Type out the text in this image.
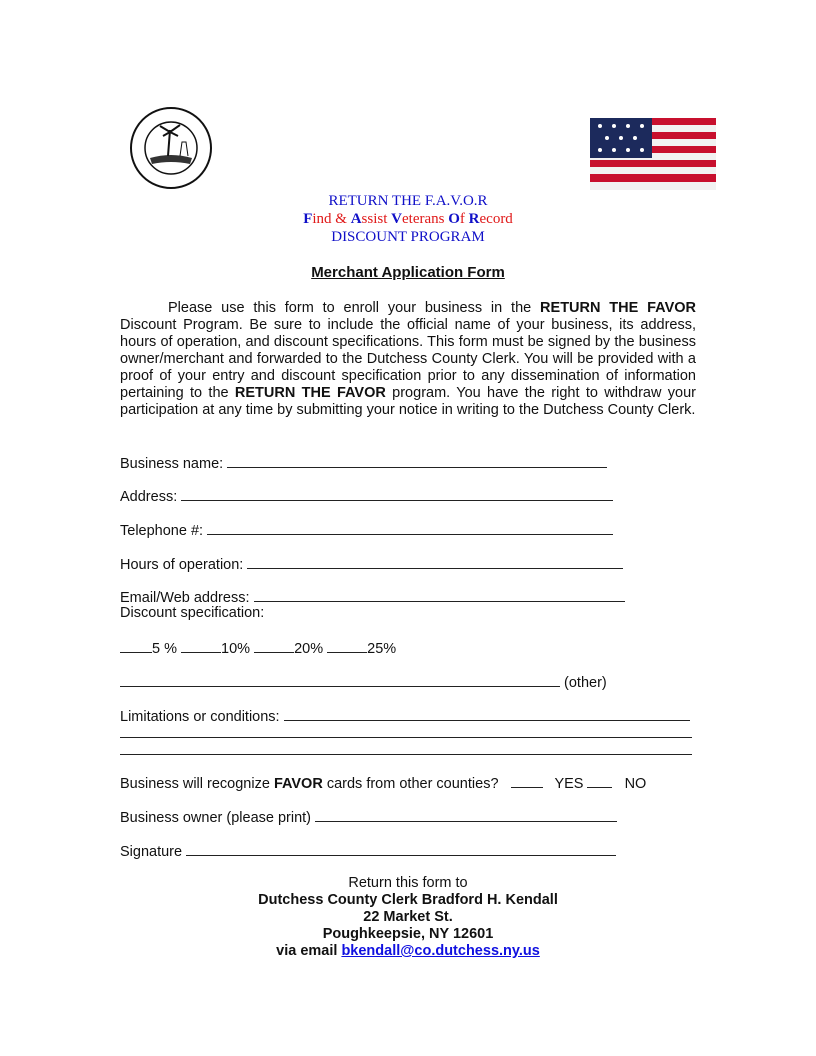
RETURN THE F.A.V.O.R
Find & Assist Veterans Of Record
DISCOUNT PROGRAM
Merchant Application Form

Please use this form to enroll your business in the RETURN THE FAVOR Discount Program. Be sure to include the official name of your business, its address, hours of operation, and discount specifications. This form must be signed by the business owner/merchant and forwarded to the Dutchess County Clerk. You will be provided with a proof of your entry and discount specification prior to any dissemination of information pertaining to the RETURN THE FAVOR program. You have the right to withdraw your participation at any time by submitting your notice in writing to the Dutchess County Clerk.

Business name:
Address:
Telephone #:
Hours of operation:
Email/Web address:
Discount specification:
5 %	10%	20%	25%
(other)
Limitations or conditions:
Business will recognize FAVOR cards from other counties?	YES	NO
Business owner (please print)
Signature
Return this form to
Dutchess County Clerk Bradford H. Kendall
22 Market St.
Poughkeepsie, NY 12601
via email bkendall@co.dutchess.ny.us
